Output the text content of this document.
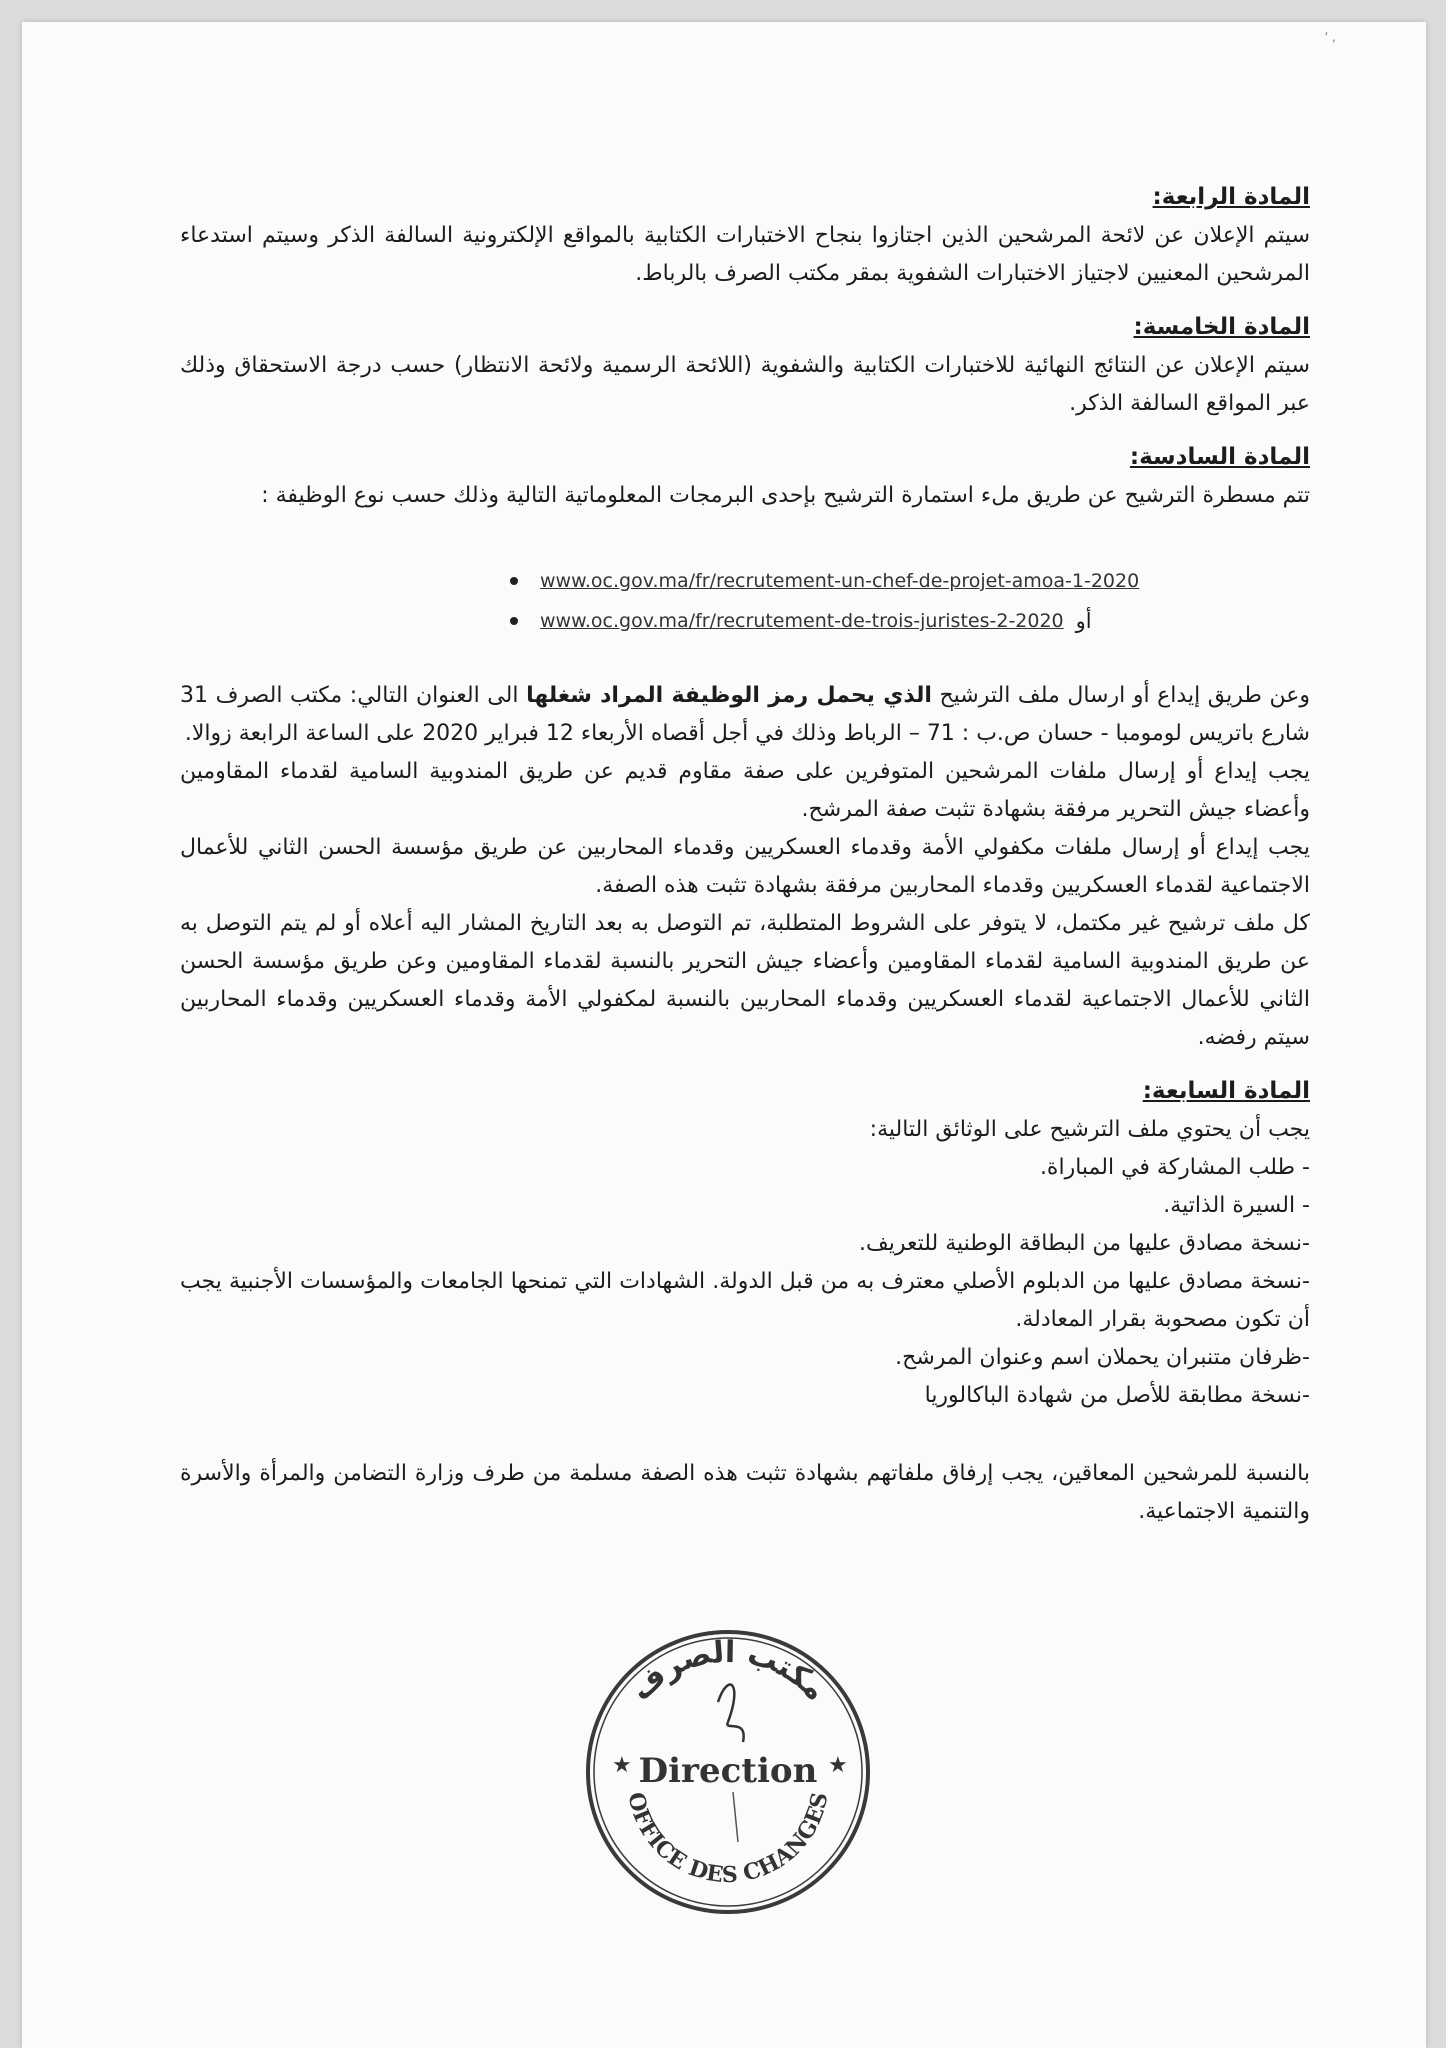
‘ ,
المادة الرابعة:

سيتم الإعلان عن لائحة المرشحين الذين اجتازوا بنجاح الاختبارات الكتابية بالمواقع الإلكترونية السالفة الذكر وسيتم استدعاء المرشحين المعنيين لاجتياز الاختبارات الشفوية بمقر مكتب الصرف بالرباط.

المادة الخامسة:

سيتم الإعلان عن النتائج النهائية للاختبارات الكتابية والشفوية (اللائحة الرسمية ولائحة الانتظار) حسب درجة الاستحقاق وذلك عبر المواقع السالفة الذكر.

المادة السادسة:

تتم مسطرة الترشيح عن طريق ملء استمارة الترشيح بإحدى البرمجات المعلوماتية التالية وذلك حسب نوع الوظيفة :

www.oc.gov.ma/fr/recrutement-un-chef-de-projet-amoa-1-2020
www.oc.gov.ma/fr/recrutement-de-trois-juristes-2-2020 أو

وعن طريق إيداع أو ارسال ملف الترشيح الذي يحمل رمز الوظيفة المراد شغلها الى العنوان التالي: مكتب الصرف 31 شارع باتريس لومومبا - حسان ص.ب : 71 – الرباط وذلك في أجل أقصاه الأربعاء 12 فبراير 2020 على الساعة الرابعة زوالا.

يجب إيداع أو إرسال ملفات المرشحين المتوفرين على صفة مقاوم قديم عن طريق المندوبية السامية لقدماء المقاومين وأعضاء جيش التحرير مرفقة بشهادة تثبت صفة المرشح.

يجب إيداع أو إرسال ملفات مكفولي الأمة وقدماء العسكريين وقدماء المحاربين عن طريق مؤسسة الحسن الثاني للأعمال الاجتماعية لقدماء العسكريين وقدماء المحاربين مرفقة بشهادة تثبت هذه الصفة.

كل ملف ترشيح غير مكتمل، لا يتوفر على الشروط المتطلبة، تم التوصل به بعد التاريخ المشار اليه أعلاه أو لم يتم التوصل به عن طريق المندوبية السامية لقدماء المقاومين وأعضاء جيش التحرير بالنسبة لقدماء المقاومين وعن طريق مؤسسة الحسن الثاني للأعمال الاجتماعية لقدماء العسكريين وقدماء المحاربين بالنسبة لمكفولي الأمة وقدماء العسكريين وقدماء المحاربين سيتم رفضه.

المادة السابعة:

يجب أن يحتوي ملف الترشيح على الوثائق التالية:

- طلب المشاركة في المباراة.

- السيرة الذاتية.

-نسخة مصادق عليها من البطاقة الوطنية للتعريف.

-نسخة مصادق عليها من الدبلوم الأصلي معترف به من قبل الدولة. الشهادات التي تمنحها الجامعات والمؤسسات الأجنبية يجب أن تكون مصحوبة بقرار المعادلة.

-ظرفان متنبران يحملان اسم وعنوان المرشح.

-نسخة مطابقة للأصل من شهادة الباكالوريا

بالنسبة للمرشحين المعاقين، يجب إرفاق ملفاتهم بشهادة تثبت هذه الصفة مسلمة من طرف وزارة التضامن والمرأة والأسرة والتنمية الاجتماعية.

مكتب الصرف
Direction
★	★
OFFICE DES CHANGES
